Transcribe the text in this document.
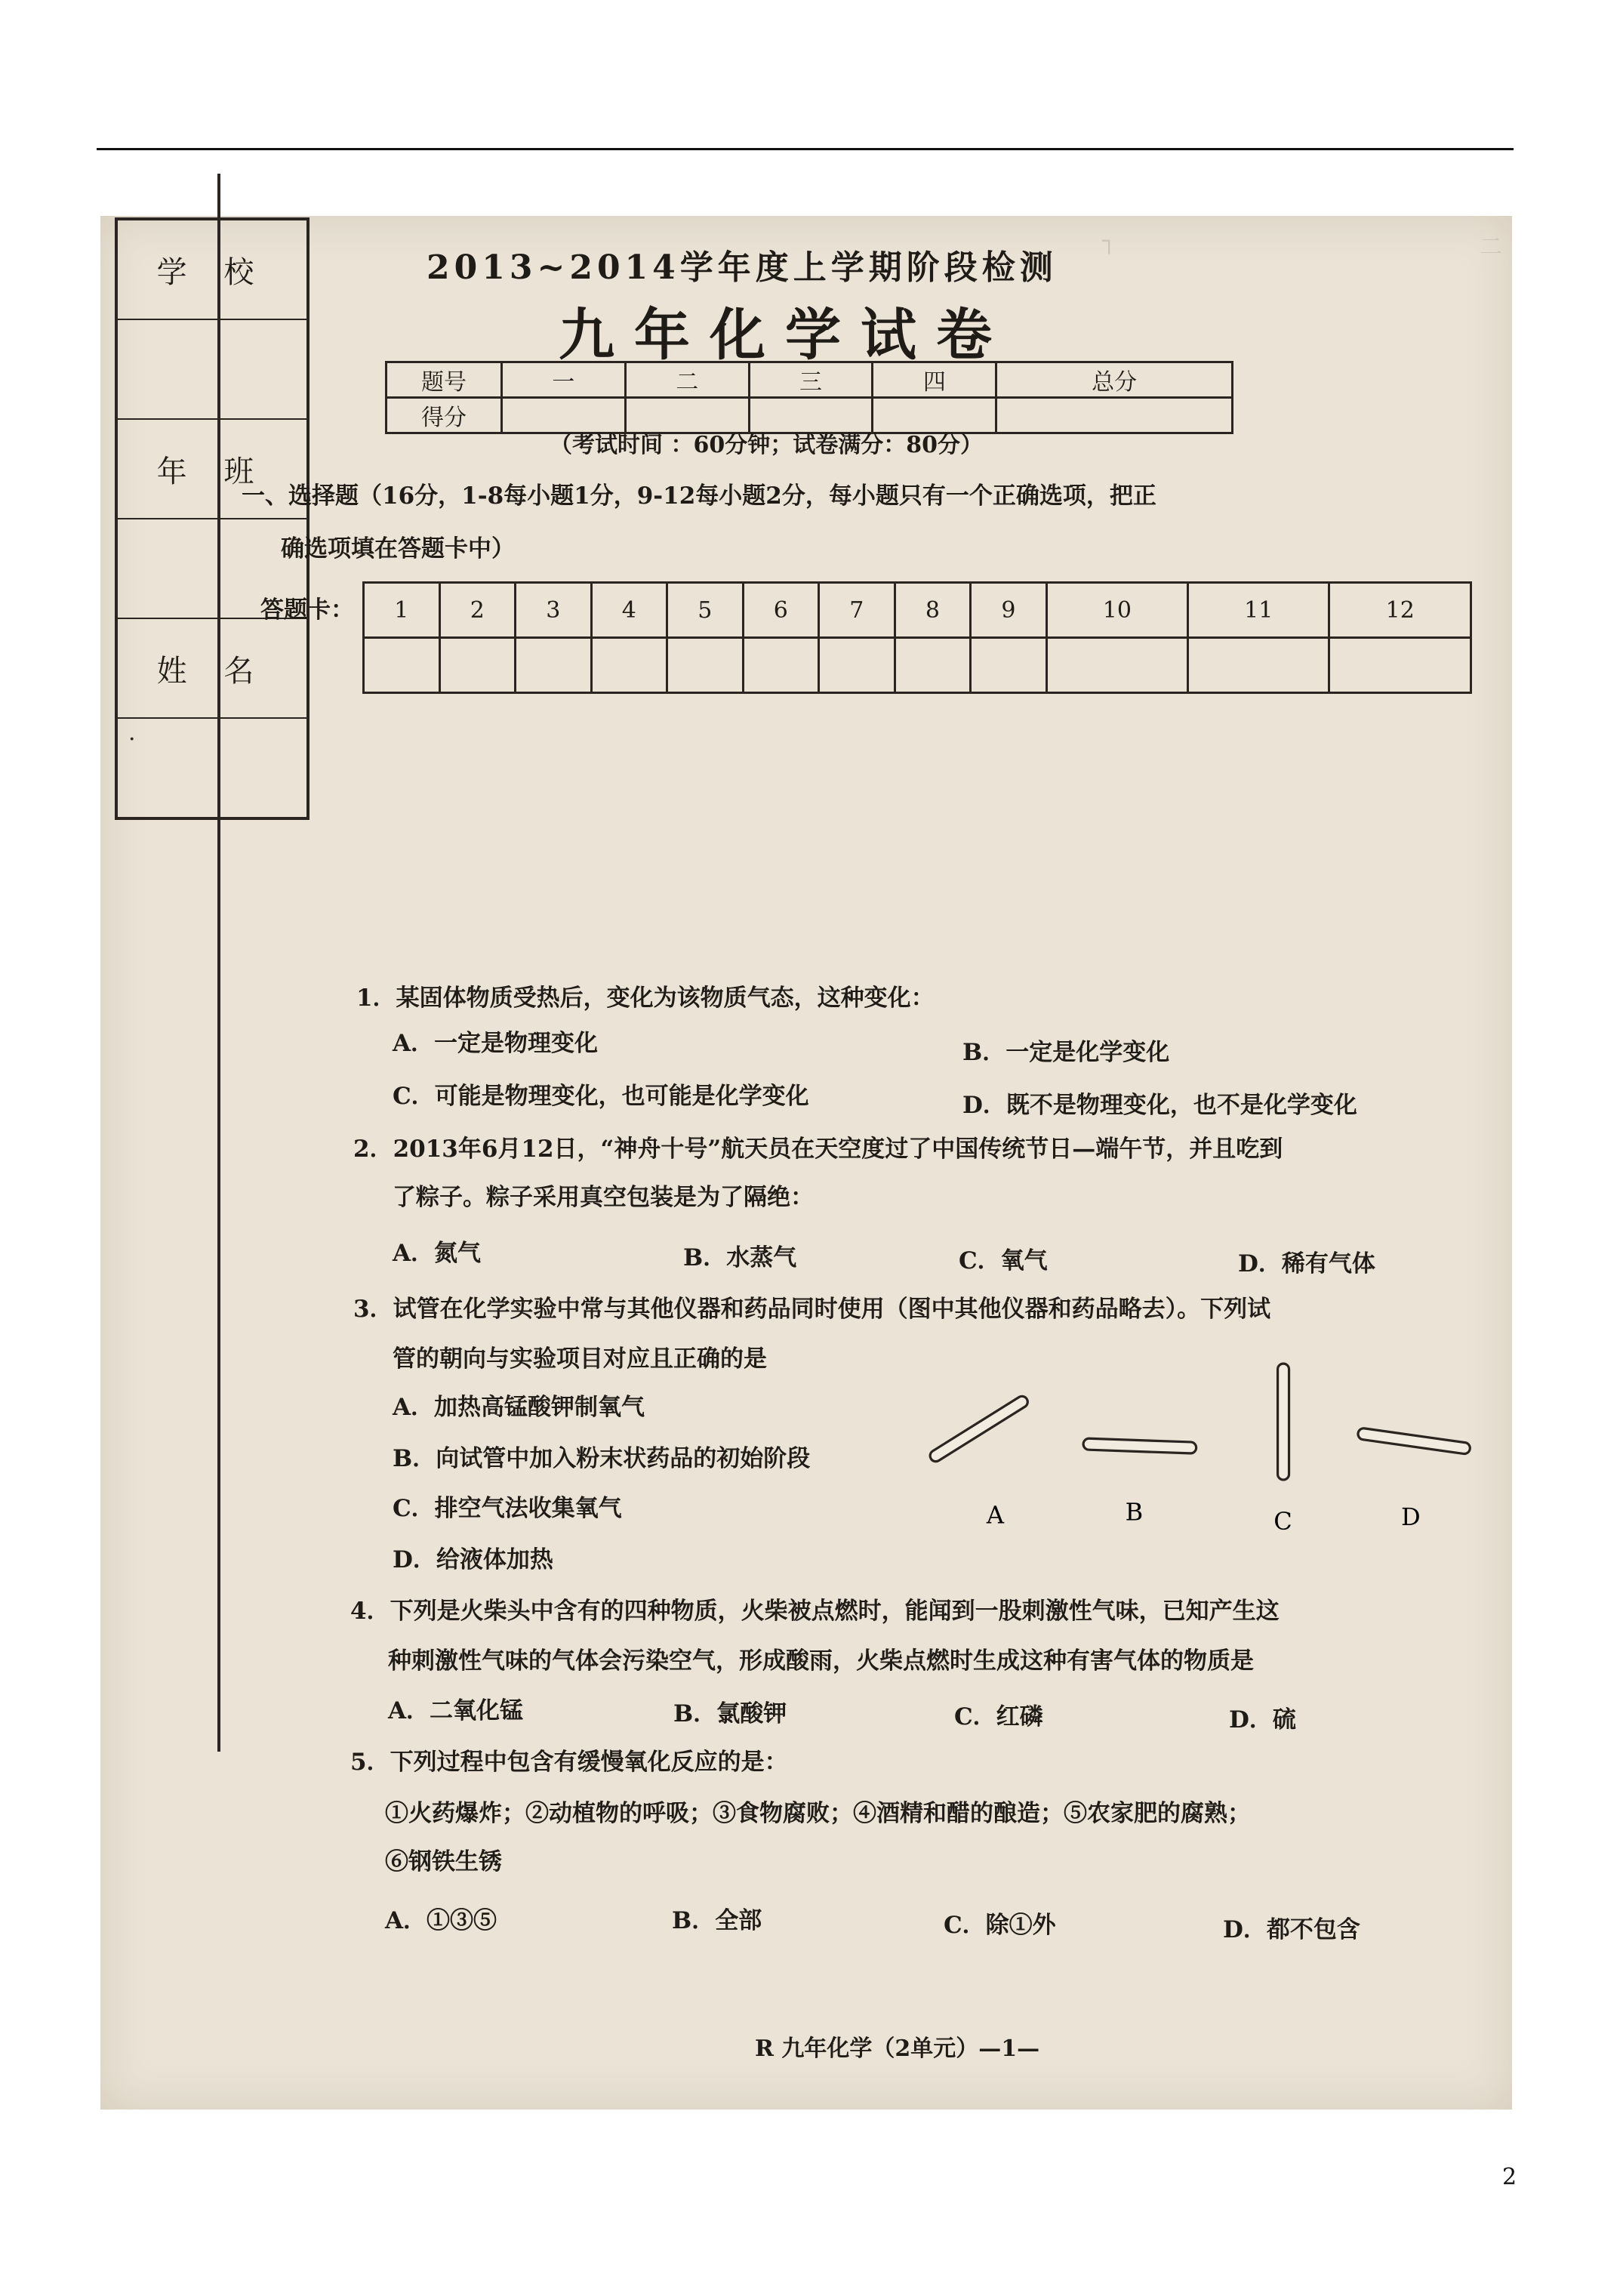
二
┐
·
学 校
年 班
姓 名
2013~2014学年度上学期阶段检测
九年化学试卷
题号	一	二	三	四	总分
得分					
（考试时间 ：60分钟；试卷满分：80分）
一、选择题（16分，1-8每小题1分，9-12每小题2分，每小题只有一个正确选项，把正
确选项填在答题卡中）
答题卡： 1	2	3	4	5	6	7	8	9	10	11	12

1．某固体物质受热后，变化为该物质气态，这种变化：
A．一定是物理变化	B．一定是化学变化
C．可能是物理变化，也可能是化学变化	D．既不是物理变化，也不是化学变化
2．2013年6月12日，“神舟十号”航天员在天空度过了中国传统节日—端午节，并且吃到
了粽子。粽子采用真空包装是为了隔绝：
A．氮气	B．水蒸气	C．氧气	D．稀有气体
3．试管在化学实验中常与其他仪器和药品同时使用（图中其他仪器和药品略去）。下列试
管的朝向与实验项目对应且正确的是
A．加热高锰酸钾制氧气
B．向试管中加入粉末状药品的初始阶段
C．排空气法收集氧气
D．给液体加热
A	B	C	D
4．下列是火柴头中含有的四种物质，火柴被点燃时，能闻到一股刺激性气味，已知产生这
种刺激性气味的气体会污染空气，形成酸雨，火柴点燃时生成这种有害气体的物质是
A．二氧化锰	B．氯酸钾	C．红磷	D．硫
5．下列过程中包含有缓慢氧化反应的是：
①火药爆炸；②动植物的呼吸；③食物腐败；④酒精和醋的酿造；⑤农家肥的腐熟；
⑥钢铁生锈
A．①③⑤	B．全部	C．除①外	D．都不包含
R 九年化学（2单元）—1—
2
